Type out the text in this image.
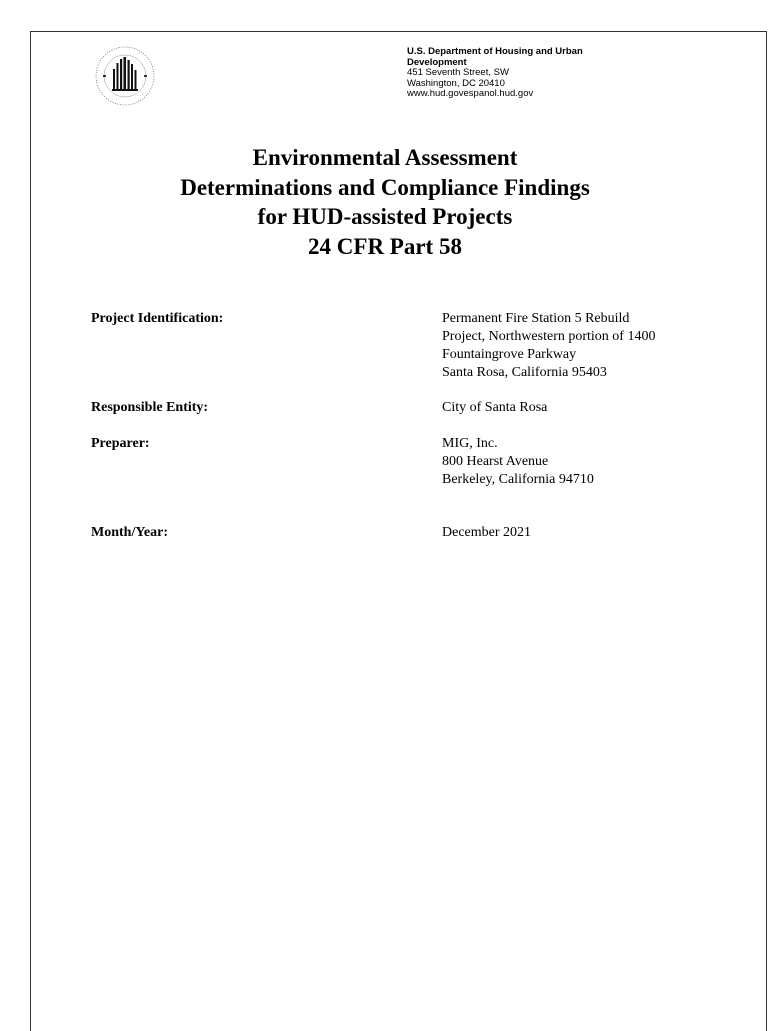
U.S. Department of Housing and Urban
Development
451 Seventh Street, SW
Washington, DC 20410
www.hud.govespanol.hud.gov
Environmental Assessment
Determinations and Compliance Findings
for HUD-assisted Projects
24 CFR Part 58
Project Identification:	Permanent Fire Station 5 Rebuild
Project, Northwestern portion of 1400
Fountaingrove Parkway
Santa Rosa, California 95403
Responsible Entity:	City of Santa Rosa
Preparer:	MIG, Inc.
800 Hearst Avenue
Berkeley, California 94710
Month/Year:	December 2021
